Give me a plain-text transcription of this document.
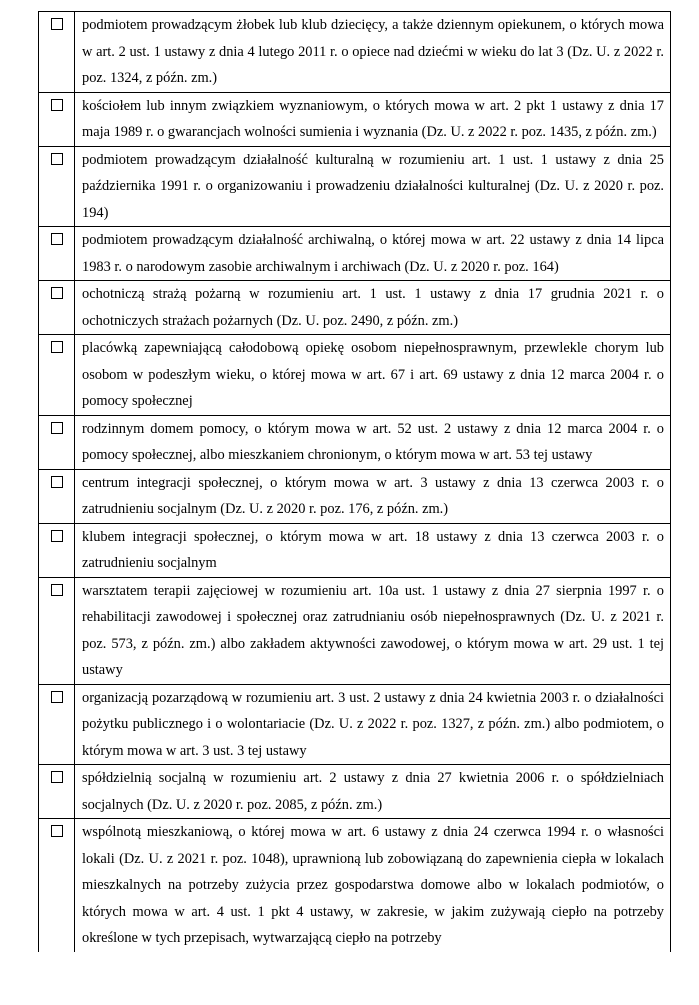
podmiotem prowadzącym żłobek lub klub dziecięcy, a także dziennym opiekunem, o których mowa w art. 2 ust. 1 ustawy z dnia 4 lutego 2011 r. o opiece nad dziećmi w wieku do lat 3 (Dz. U. z 2022 r. poz. 1324, z późn. zm.)
kościołem lub innym związkiem wyznaniowym, o których mowa w art. 2 pkt 1 ustawy z dnia 17 maja 1989 r. o gwarancjach wolności sumienia i wyznania (Dz. U. z 2022 r. poz. 1435, z późn. zm.)
podmiotem prowadzącym działalność kulturalną w rozumieniu art. 1 ust. 1 ustawy z dnia 25 października 1991 r. o organizowaniu i prowadzeniu działalności kulturalnej (Dz. U. z 2020 r. poz. 194)
podmiotem prowadzącym działalność archiwalną, o której mowa w art. 22 ustawy z dnia 14 lipca 1983 r. o narodowym zasobie archiwalnym i archiwach (Dz. U. z 2020 r. poz. 164)
ochotniczą strażą pożarną w rozumieniu art. 1 ust. 1 ustawy z dnia 17 grudnia 2021 r. o ochotniczych strażach pożarnych (Dz. U. poz. 2490, z późn. zm.)
placówką zapewniającą całodobową opiekę osobom niepełnosprawnym, przewlekle chorym lub osobom w podeszłym wieku, o której mowa w art. 67 i art. 69 ustawy z dnia 12 marca 2004 r. o pomocy społecznej
rodzinnym domem pomocy, o którym mowa w art. 52 ust. 2 ustawy z dnia 12 marca 2004 r. o pomocy społecznej, albo mieszkaniem chronionym, o którym mowa w art. 53 tej ustawy
centrum integracji społecznej, o którym mowa w art. 3 ustawy z dnia 13 czerwca 2003 r. o zatrudnieniu socjalnym (Dz. U. z 2020 r. poz. 176, z późn. zm.)
klubem integracji społecznej, o którym mowa w art. 18 ustawy z dnia 13 czerwca 2003 r. o zatrudnieniu socjalnym
warsztatem terapii zajęciowej w rozumieniu art. 10a ust. 1 ustawy z dnia 27 sierpnia 1997 r. o rehabilitacji zawodowej i społecznej oraz zatrudnianiu osób niepełnosprawnych (Dz. U. z 2021 r. poz. 573, z późn. zm.) albo zakładem aktywności zawodowej, o którym mowa w art. 29 ust. 1 tej ustawy
organizacją pozarządową w rozumieniu art. 3 ust. 2 ustawy z dnia 24 kwietnia 2003 r. o działalności pożytku publicznego i o wolontariacie (Dz. U. z 2022 r. poz. 1327, z późn. zm.) albo podmiotem, o którym mowa w art. 3 ust. 3 tej ustawy
spółdzielnią socjalną w rozumieniu art. 2 ustawy z dnia 27 kwietnia 2006 r. o spółdzielniach socjalnych (Dz. U. z 2020 r. poz. 2085, z późn. zm.)
wspólnotą mieszkaniową, o której mowa w art. 6 ustawy z dnia 24 czerwca 1994 r. o własności lokali (Dz. U. z 2021 r. poz. 1048), uprawnioną lub zobowiązaną do zapewnienia ciepła w lokalach mieszkalnych na potrzeby zużycia przez gospodarstwa domowe albo w lokalach podmiotów, o których mowa w art. 4 ust. 1 pkt 4 ustawy, w zakresie, w jakim zużywają ciepło na potrzeby określone w tych przepisach, wytwarzającą ciepło na potrzeby
